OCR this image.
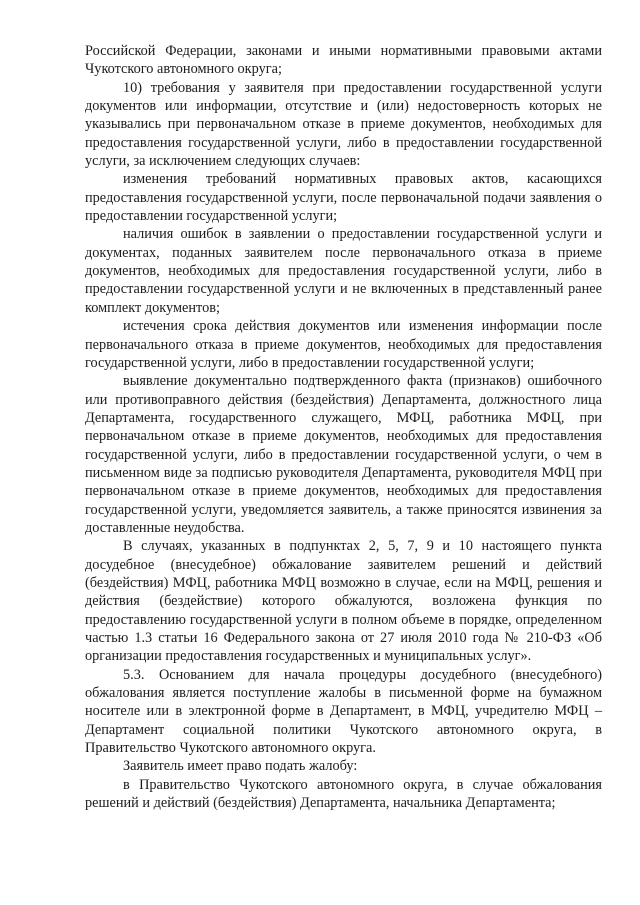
Российской Федерации, законами и иными нормативными правовыми актами Чукотского автономного округа;

10) требования у заявителя при предоставлении государственной услуги документов или информации, отсутствие и (или) недостоверность которых не указывались при первоначальном отказе в приеме документов, необходимых для предоставления государственной услуги, либо в предоставлении государственной услуги, за исключением следующих случаев:

изменения требований нормативных правовых актов, касающихся предоставления государственной услуги, после первоначальной подачи заявления о предоставлении государственной услуги;

наличия ошибок в заявлении о предоставлении государственной услуги и документах, поданных заявителем после первоначального отказа в приеме документов, необходимых для предоставления государственной услуги, либо в предоставлении государственной услуги и не включенных в представленный ранее комплект документов;

истечения срока действия документов или изменения информации после первоначального отказа в приеме документов, необходимых для предоставления государственной услуги, либо в предоставлении государственной услуги;

выявление документально подтвержденного факта (признаков) ошибочного или противоправного действия (бездействия) Департамента, должностного лица Департамента, государственного служащего, МФЦ, работника МФЦ, при первоначальном отказе в приеме документов, необходимых для предоставления государственной услуги, либо в предоставлении государственной услуги, о чем в письменном виде за подписью руководителя Департамента, руководителя МФЦ при первоначальном отказе в приеме документов, необходимых для предоставления государственной услуги, уведомляется заявитель, а также приносятся извинения за доставленные неудобства.

В случаях, указанных в подпунктах 2, 5, 7, 9 и 10 настоящего пункта досудебное (внесудебное) обжалование заявителем решений и действий (бездействия) МФЦ, работника МФЦ возможно в случае, если на МФЦ, решения и действия (бездействие) которого обжалуются, возложена функция по предоставлению государственной услуги в полном объеме в порядке, определенном частью 1.3 статьи 16 Федерального закона от 27 июля 2010 года № 210-ФЗ «Об организации предоставления государственных и муниципальных услуг».

5.3. Основанием для начала процедуры досудебного (внесудебного) обжалования является поступление жалобы в письменной форме на бумажном носителе или в электронной форме в Департамент, в МФЦ, учредителю МФЦ – Департамент социальной политики Чукотского автономного округа, в Правительство Чукотского автономного округа.

Заявитель имеет право подать жалобу:

в Правительство Чукотского автономного округа, в случае обжалования решений и действий (бездействия) Департамента, начальника Департамента;
